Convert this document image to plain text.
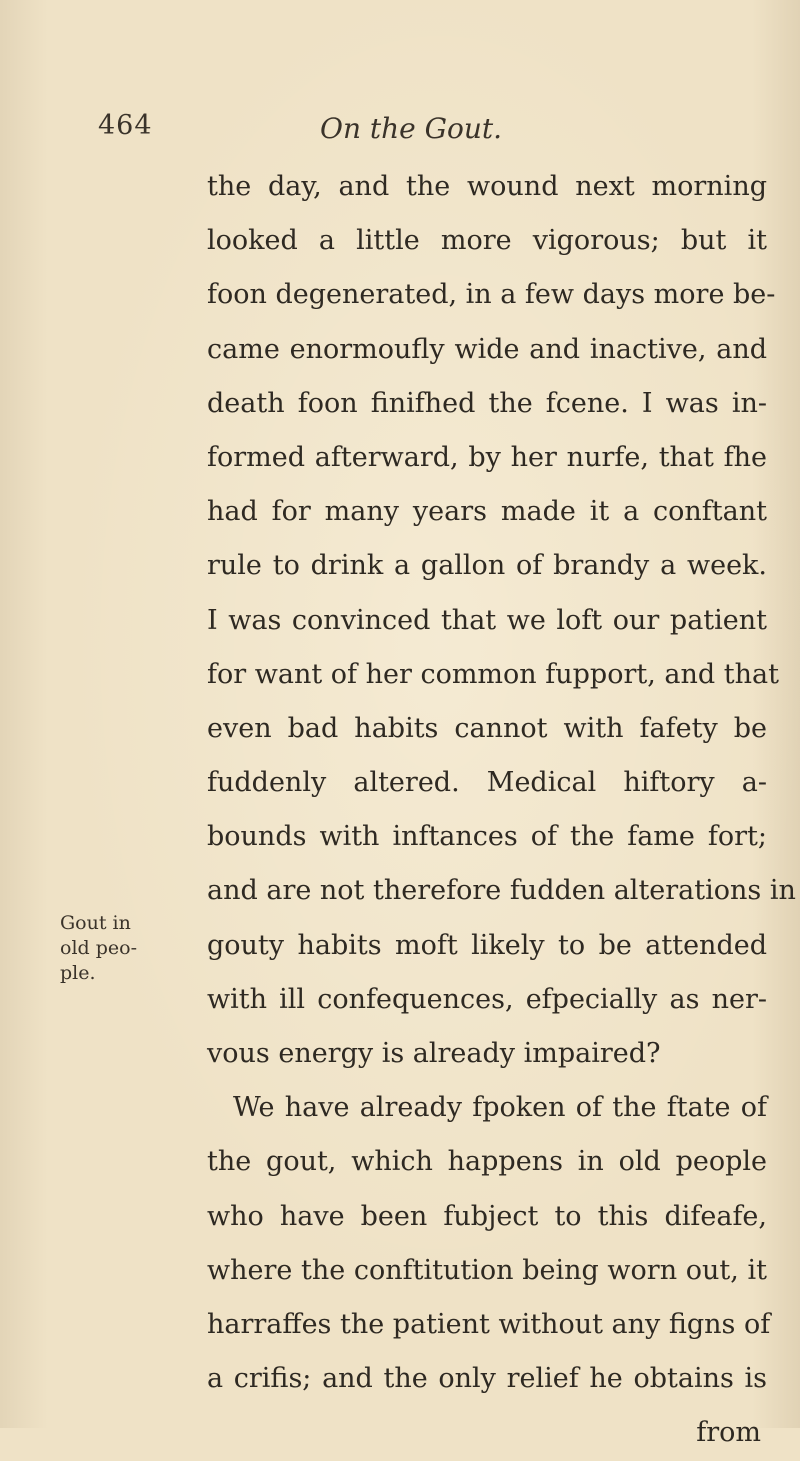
464	On the Gout.
Gout in
old peo-
ple.
the day, and the wound next morning
looked a little more vigorous; but it
foon degenerated, in a few days more be-
came enormoufly wide and inactive, and
death foon finifhed the fcene. I was in-
formed afterward, by her nurfe, that fhe
had for many years made it a conftant
rule to drink a gallon of brandy a week.
I was convinced that we loft our patient
for want of her common fupport, and that
even bad habits cannot with fafety be
fuddenly altered. Medical hiftory a-
bounds with inftances of the fame fort;
and are not therefore fudden alterations in
gouty habits moft likely to be attended
with ill confequences, efpecially as ner-
vous energy is already impaired?
We have already fpoken of the ftate of
the gout, which happens in old people
who have been fubject to this difeafe,
where the conftitution being worn out, it
harraffes the patient without any figns of
a crifis; and the only relief he obtains is
from
